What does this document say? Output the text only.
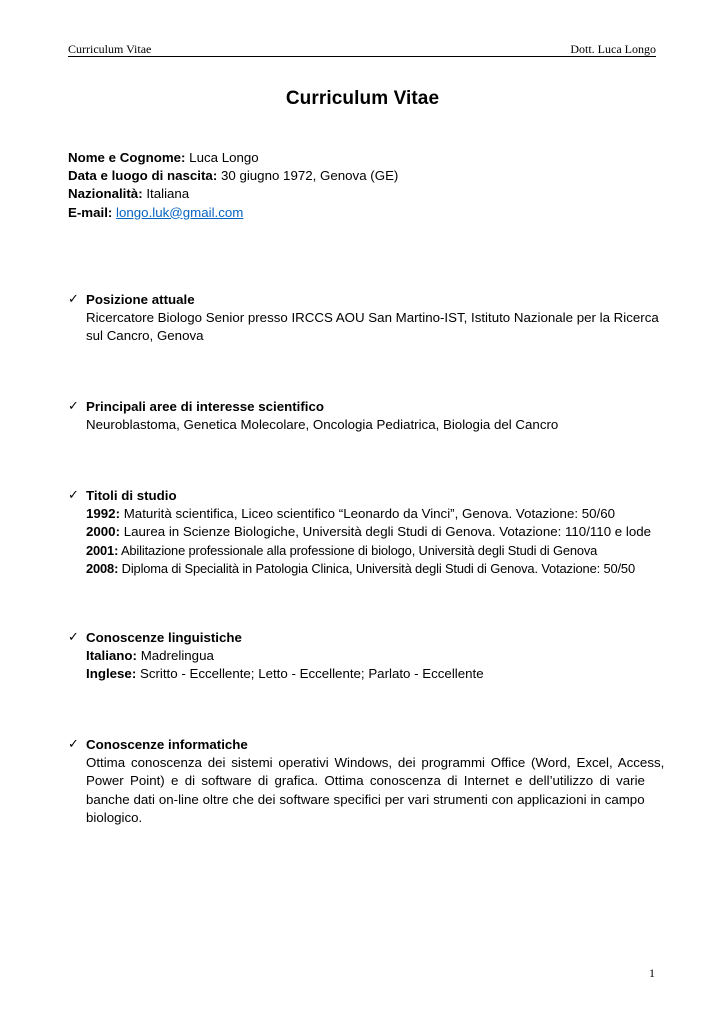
Curriculum Vitae	Dott. Luca Longo
Curriculum Vitae
Nome e Cognome: Luca Longo
Data e luogo di nascita: 30 giugno 1972, Genova (GE)
Nazionalità: Italiana
E-mail: longo.luk@gmail.com
✓ Posizione attuale
Ricercatore Biologo Senior presso IRCCS AOU San Martino-IST, Istituto Nazionale per la Ricerca
sul Cancro, Genova
✓ Principali aree di interesse scientifico
Neuroblastoma, Genetica Molecolare, Oncologia Pediatrica, Biologia del Cancro
✓ Titoli di studio
1992: Maturità scientifica, Liceo scientifico “Leonardo da Vinci”, Genova. Votazione: 50/60
2000: Laurea in Scienze Biologiche, Università degli Studi di Genova. Votazione: 110/110 e lode
2001: Abilitazione professionale alla professione di biologo, Università degli Studi di Genova
2008: Diploma di Specialità in Patologia Clinica, Università degli Studi di Genova. Votazione: 50/50
✓ Conoscenze linguistiche
Italiano: Madrelingua
Inglese: Scritto - Eccellente; Letto - Eccellente; Parlato - Eccellente
✓ Conoscenze informatiche
Ottima conoscenza dei sistemi operativi Windows, dei programmi Office (Word, Excel, Access,
Power Point) e di software di grafica. Ottima conoscenza di Internet e dell’utilizzo di varie
banche dati on-line oltre che dei software specifici per vari strumenti con applicazioni in campo
biologico.
1
